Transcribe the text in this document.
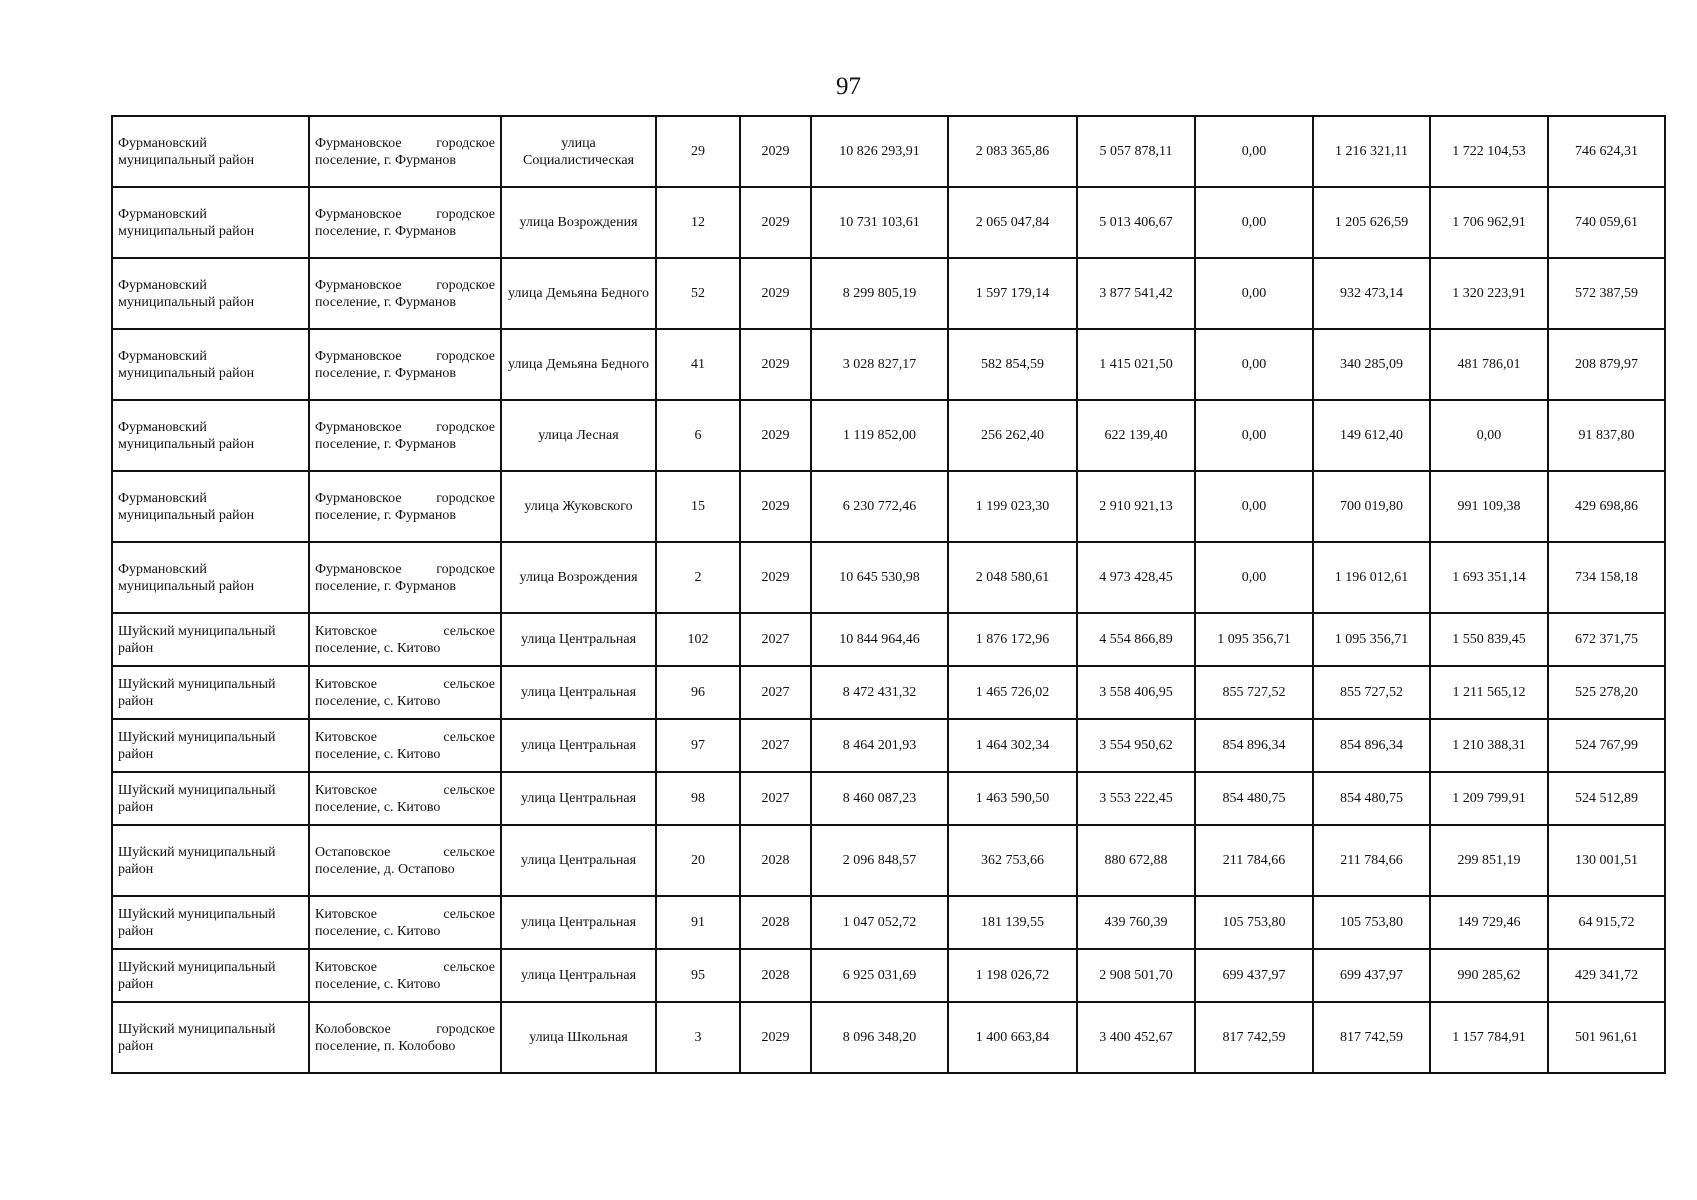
97
Фурмановский муниципальный район	Фурмановское городское поселение, г. Фурманов	улица Социалистическая	29	2029	10 826 293,91	2 083 365,86	5 057 878,11	0,00	1 216 321,11	1 722 104,53	746 624,31
Фурмановский муниципальный район	Фурмановское городское поселение, г. Фурманов	улица Возрождения	12	2029	10 731 103,61	2 065 047,84	5 013 406,67	0,00	1 205 626,59	1 706 962,91	740 059,61
Фурмановский муниципальный район	Фурмановское городское поселение, г. Фурманов	улица Демьяна Бедного	52	2029	8 299 805,19	1 597 179,14	3 877 541,42	0,00	932 473,14	1 320 223,91	572 387,59
Фурмановский муниципальный район	Фурмановское городское поселение, г. Фурманов	улица Демьяна Бедного	41	2029	3 028 827,17	582 854,59	1 415 021,50	0,00	340 285,09	481 786,01	208 879,97
Фурмановский муниципальный район	Фурмановское городское поселение, г. Фурманов	улица Лесная	6	2029	1 119 852,00	256 262,40	622 139,40	0,00	149 612,40	0,00	91 837,80
Фурмановский муниципальный район	Фурмановское городское поселение, г. Фурманов	улица Жуковского	15	2029	6 230 772,46	1 199 023,30	2 910 921,13	0,00	700 019,80	991 109,38	429 698,86
Фурмановский муниципальный район	Фурмановское городское поселение, г. Фурманов	улица Возрождения	2	2029	10 645 530,98	2 048 580,61	4 973 428,45	0,00	1 196 012,61	1 693 351,14	734 158,18
Шуйский муниципальный район	Китовское сельское поселение, с. Китово	улица Центральная	102	2027	10 844 964,46	1 876 172,96	4 554 866,89	1 095 356,71	1 095 356,71	1 550 839,45	672 371,75
Шуйский муниципальный район	Китовское сельское поселение, с. Китово	улица Центральная	96	2027	8 472 431,32	1 465 726,02	3 558 406,95	855 727,52	855 727,52	1 211 565,12	525 278,20
Шуйский муниципальный район	Китовское сельское поселение, с. Китово	улица Центральная	97	2027	8 464 201,93	1 464 302,34	3 554 950,62	854 896,34	854 896,34	1 210 388,31	524 767,99
Шуйский муниципальный район	Китовское сельское поселение, с. Китово	улица Центральная	98	2027	8 460 087,23	1 463 590,50	3 553 222,45	854 480,75	854 480,75	1 209 799,91	524 512,89
Шуйский муниципальный район	Остаповское сельское поселение, д. Остапово	улица Центральная	20	2028	2 096 848,57	362 753,66	880 672,88	211 784,66	211 784,66	299 851,19	130 001,51
Шуйский муниципальный район	Китовское сельское поселение, с. Китово	улица Центральная	91	2028	1 047 052,72	181 139,55	439 760,39	105 753,80	105 753,80	149 729,46	64 915,72
Шуйский муниципальный район	Китовское сельское поселение, с. Китово	улица Центральная	95	2028	6 925 031,69	1 198 026,72	2 908 501,70	699 437,97	699 437,97	990 285,62	429 341,72
Шуйский муниципальный район	Колобовское городское поселение, п. Колобово	улица Школьная	3	2029	8 096 348,20	1 400 663,84	3 400 452,67	817 742,59	817 742,59	1 157 784,91	501 961,61
